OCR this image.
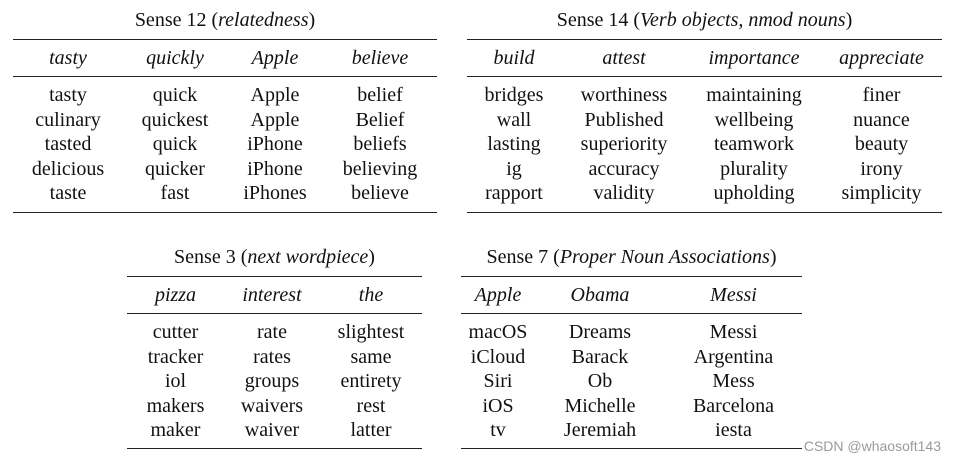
Sense 12 (relatedness)
tasty	quickly	Apple	believe
tasty	quick	Apple	belief
culinary	quickest	Apple	Belief
tasted	quick	iPhone	beliefs
delicious	quicker	iPhone	believing
taste	fast	iPhones	believe
Sense 14 (Verb objects, nmod nouns)
build	attest	importance	appreciate
bridges	worthiness	maintaining	finer
wall	Published	wellbeing	nuance
lasting	superiority	teamwork	beauty
ig	accuracy	plurality	irony
rapport	validity	upholding	simplicity
Sense 3 (next wordpiece)
pizza	interest	the
cutter	rate	slightest
tracker	rates	same
iol	groups	entirety
makers	waivers	rest
maker	waiver	latter
Sense 7 (Proper Noun Associations)
Apple	Obama	Messi
macOS	Dreams	Messi
iCloud	Barack	Argentina
Siri	Ob	Mess
iOS	Michelle	Barcelona
tv	Jeremiah	iesta
CSDN @whaosoft143
